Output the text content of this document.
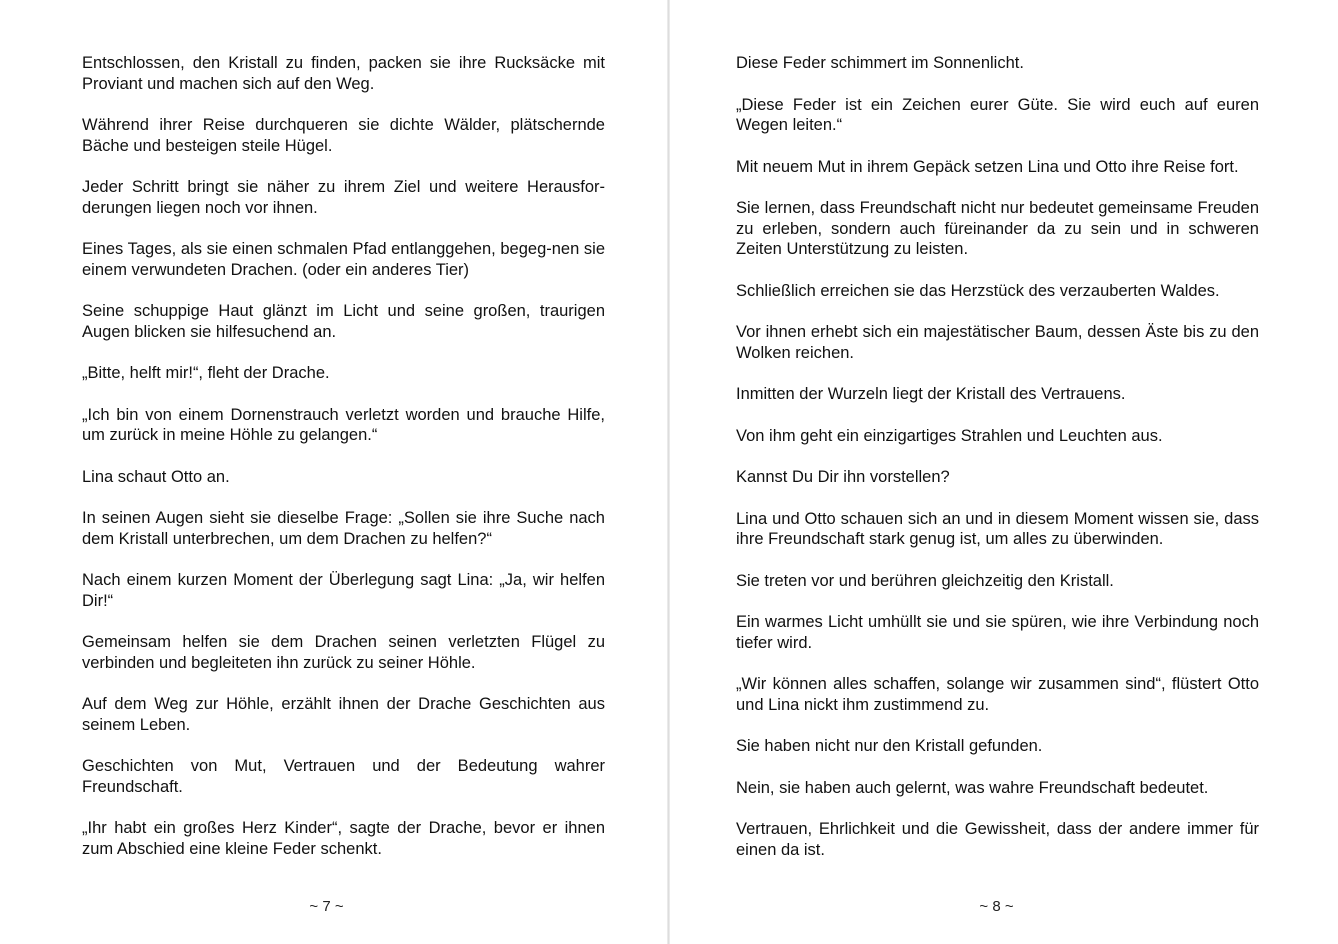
Entschlossen, den Kristall zu finden, packen sie ihre Rucksäcke mit Proviant und machen sich auf den Weg.

Während ihrer Reise durchqueren sie dichte Wälder, plätschernde Bäche und besteigen steile Hügel.

Jeder Schritt bringt sie näher zu ihrem Ziel und weitere Herausfor-derungen liegen noch vor ihnen.

Eines Tages, als sie einen schmalen Pfad entlanggehen, begeg-nen sie einem verwundeten Drachen. (oder ein anderes Tier)

Seine schuppige Haut glänzt im Licht und seine großen, traurigen Augen blicken sie hilfesuchend an.

„Bitte, helft mir!“, fleht der Drache.

„Ich bin von einem Dornenstrauch verletzt worden und brauche Hilfe, um zurück in meine Höhle zu gelangen.“

Lina schaut Otto an.

In seinen Augen sieht sie dieselbe Frage: „Sollen sie ihre Suche nach dem Kristall unterbrechen, um dem Drachen zu helfen?“

Nach einem kurzen Moment der Überlegung sagt Lina: „Ja, wir helfen Dir!“

Gemeinsam helfen sie dem Drachen seinen verletzten Flügel zu verbinden und begleiteten ihn zurück zu seiner Höhle.

Auf dem Weg zur Höhle, erzählt ihnen der Drache Geschichten aus seinem Leben.

Geschichten von Mut, Vertrauen und der Bedeutung wahrer Freundschaft.

„Ihr habt ein großes Herz Kinder“, sagte der Drache, bevor er ihnen zum Abschied eine kleine Feder schenkt.

~ 7 ~

Diese Feder schimmert im Sonnenlicht.

„Diese Feder ist ein Zeichen eurer Güte. Sie wird euch auf euren Wegen leiten.“

Mit neuem Mut in ihrem Gepäck setzen Lina und Otto ihre Reise fort.

Sie lernen, dass Freundschaft nicht nur bedeutet gemeinsame Freuden zu erleben, sondern auch füreinander da zu sein und in schweren Zeiten Unterstützung zu leisten.

Schließlich erreichen sie das Herzstück des verzauberten Waldes.

Vor ihnen erhebt sich ein majestätischer Baum, dessen Äste bis zu den Wolken reichen.

Inmitten der Wurzeln liegt der Kristall des Vertrauens.

Von ihm geht ein einzigartiges Strahlen und Leuchten aus.

Kannst Du Dir ihn vorstellen?

Lina und Otto schauen sich an und in diesem Moment wissen sie, dass ihre Freundschaft stark genug ist, um alles zu überwinden.

Sie treten vor und berühren gleichzeitig den Kristall.

Ein warmes Licht umhüllt sie und sie spüren, wie ihre Verbindung noch tiefer wird.

„Wir können alles schaffen, solange wir zusammen sind“, flüstert Otto und Lina nickt ihm zustimmend zu.

Sie haben nicht nur den Kristall gefunden.

Nein, sie haben auch gelernt, was wahre Freundschaft bedeutet.

Vertrauen, Ehrlichkeit und die Gewissheit, dass der andere immer für einen da ist.

~ 8 ~
